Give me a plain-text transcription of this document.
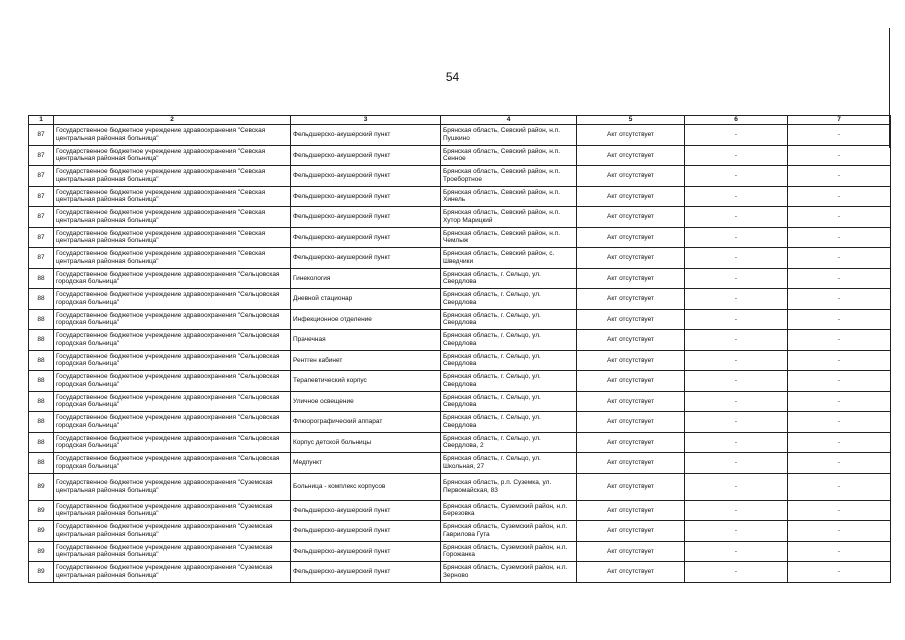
54
1	2	3	4	5	6	7
87	Государственное бюджетное учреждение здравоохранения "Севская центральная районная больница"	Фельдшерско-акушерский пункт	Брянская область, Севский район, н.п. Пушкино	Акт отсутствует	-	-
87	Государственное бюджетное учреждение здравоохранения "Севская центральная районная больница"	Фельдшерско-акушерский пункт	Брянская область, Севский район, н.п. Сенное	Акт отсутствует	-	-
87	Государственное бюджетное учреждение здравоохранения "Севская центральная районная больница"	Фельдшерско-акушерский пункт	Брянская область, Севский район, н.п. Троебортное	Акт отсутствует	-	-
87	Государственное бюджетное учреждение здравоохранения "Севская центральная районная больница"	Фельдшерско-акушерский пункт	Брянская область, Севский район, н.п. Хинель	Акт отсутствует	-	-
87	Государственное бюджетное учреждение здравоохранения "Севская центральная районная больница"	Фельдшерско-акушерский пункт	Брянская область, Севский район, н.п. Хутор Марицкий	Акт отсутствует	-	-
87	Государственное бюджетное учреждение здравоохранения "Севская центральная районная больница"	Фельдшерско-акушерский пункт	Брянская область, Севский район, н.п. Чемлыж	Акт отсутствует	-	-
87	Государственное бюджетное учреждение здравоохранения "Севская центральная районная больница"	Фельдшерско-акушерский пункт	Брянская область, Севский район, с. Шведчики	Акт отсутствует	-	-
88	Государственное бюджетное учреждение здравоохранения "Сельцовская городская больница"	Гинекология	Брянская область, г. Сельцо, ул. Свердлова	Акт отсутствует	-	-
88	Государственное бюджетное учреждение здравоохранения "Сельцовская городская больница"	Дневной стационар	Брянская область, г. Сельцо, ул. Свердлова	Акт отсутствует	-	-
88	Государственное бюджетное учреждение здравоохранения "Сельцовская городская больница"	Инфекционное отделение	Брянская область, г. Сельцо, ул. Свердлова	Акт отсутствует	-	-
88	Государственное бюджетное учреждение здравоохранения "Сельцовская городская больница"	Прачечная	Брянская область, г. Сельцо, ул. Свердлова	Акт отсутствует	-	-
88	Государственное бюджетное учреждение здравоохранения "Сельцовская городская больница"	Рентген кабинет	Брянская область, г. Сельцо, ул. Свердлова	Акт отсутствует	-	-
88	Государственное бюджетное учреждение здравоохранения "Сельцовская городская больница"	Терапевтический корпус	Брянская область, г. Сельцо, ул. Свердлова	Акт отсутствует	-	-
88	Государственное бюджетное учреждение здравоохранения "Сельцовская городская больница"	Уличное освещение	Брянская область, г. Сельцо, ул. Свердлова	Акт отсутствует	-	-
88	Государственное бюджетное учреждение здравоохранения "Сельцовская городская больница"	Флюорографический аппарат	Брянская область, г. Сельцо, ул. Свердлова	Акт отсутствует	-	-
88	Государственное бюджетное учреждение здравоохранения "Сельцовская городская больница"	Корпус детской больницы	Брянская область, г. Сельцо, ул. Свердлова, 2	Акт отсутствует	-	-
88	Государственное бюджетное учреждение здравоохранения "Сельцовская городская больница"	Медпункт	Брянская область, г. Сельцо, ул. Школьная, 27	Акт отсутствует	-	-
89	Государственное бюджетное учреждение здравоохранения "Суземская центральная районная больница"	Больница - комплекс корпусов	Брянская область, р.п. Суземка, ул. Первомайская, 83	Акт отсутствует	-	-
89	Государственное бюджетное учреждение здравоохранения "Суземская центральная районная больница"	Фельдшерско-акушерский пункт	Брянская область, Суземский район, н.п. Березовка	Акт отсутствует	-	-
89	Государственное бюджетное учреждение здравоохранения "Суземская центральная районная больница"	Фельдшерско-акушерский пункт	Брянская область, Суземский район, н.п. Гаврилова Гута	Акт отсутствует	-	-
89	Государственное бюджетное учреждение здравоохранения "Суземская центральная районная больница"	Фельдшерско-акушерский пункт	Брянская область, Суземский район, н.п. Горожанка	Акт отсутствует	-	-
89	Государственное бюджетное учреждение здравоохранения "Суземская центральная районная больница"	Фельдшерско-акушерский пункт	Брянская область, Суземский район, н.п. Зерново	Акт отсутствует	-	-
